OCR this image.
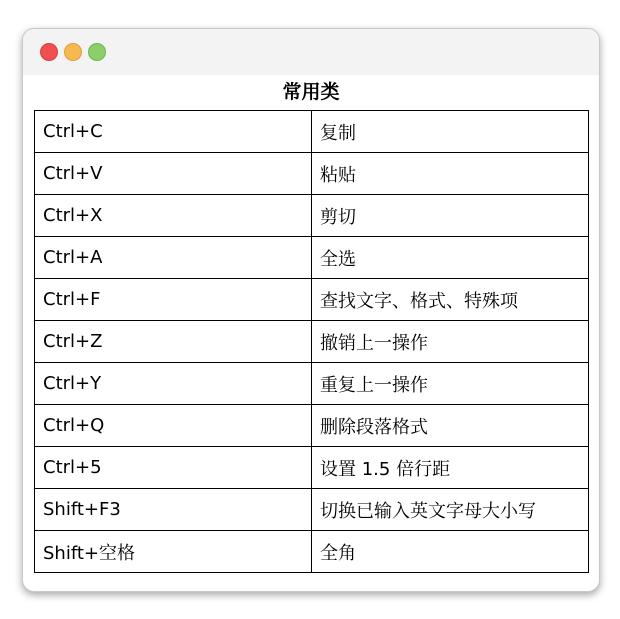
常用类
Ctrl+C	复制
Ctrl+V	粘贴
Ctrl+X	剪切
Ctrl+A	全选
Ctrl+F	查找文字、格式、特殊项
Ctrl+Z	撤销上一操作
Ctrl+Y	重复上一操作
Ctrl+Q	删除段落格式
Ctrl+5	设置 1.5 倍行距
Shift+F3	切换已输入英文字母大小写
Shift+空格	全角
